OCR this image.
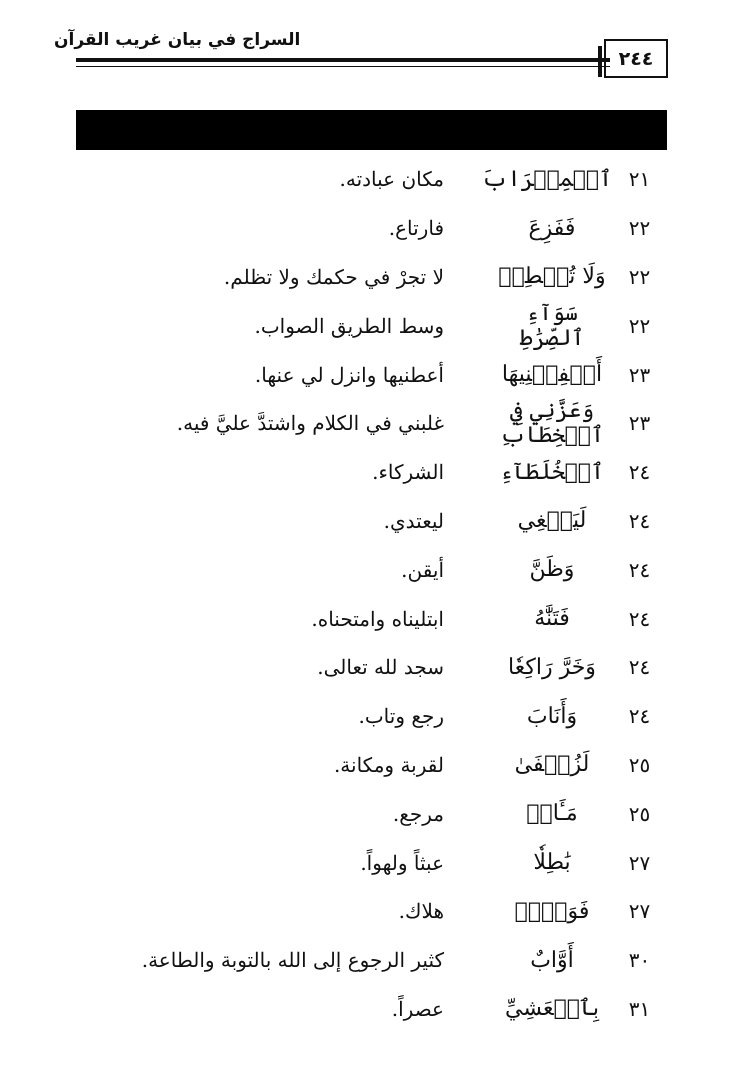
السراج في بيان غريب القرآن
٢٤٤
٢١
ٱلۡمِحۡرَابَ
مكان عبادته.
٢٢
فَفَزِعَ
فارتاع.
٢٢
وَلَا تُشۡطِطۡ
لا تجرْ في حكمك ولا تظلم.
٢٢
سَوَآءِ ٱلصِّرَٰطِ
وسط الطريق الصواب.
٢٣
أَكۡفِلۡنِيهَا
أعطنيها وانزل لي عنها.
٢٣
وَعَزَّنِي فِي ٱلۡخِطَابِ
غلبني في الكلام واشتدَّ عليَّ فيه.
٢٤
ٱلۡخُلَطَآءِ
الشركاء.
٢٤
لَيَبۡغِي
ليعتدي.
٢٤
وَظَنَّ
أيقن.
٢٤
فَتَنَّٰهُ
ابتليناه وامتحناه.
٢٤
وَخَرَّ رَاكِعٗا
سجد لله تعالى.
٢٤
وَأَنَابَ
رجع وتاب.
٢٥
لَزُلۡفَىٰ
لقربة ومكانة.
٢٥
مَـَٔابٖ
مرجع.
٢٧
بَٰطِلٗا
عبثاً ولهواً.
٢٧
فَوَيۡلٞ
هلاك.
٣٠
أَوَّابٌ
كثير الرجوع إلى الله بالتوبة والطاعة.
٣١
بِٱلۡعَشِيِّ
عصراً.
